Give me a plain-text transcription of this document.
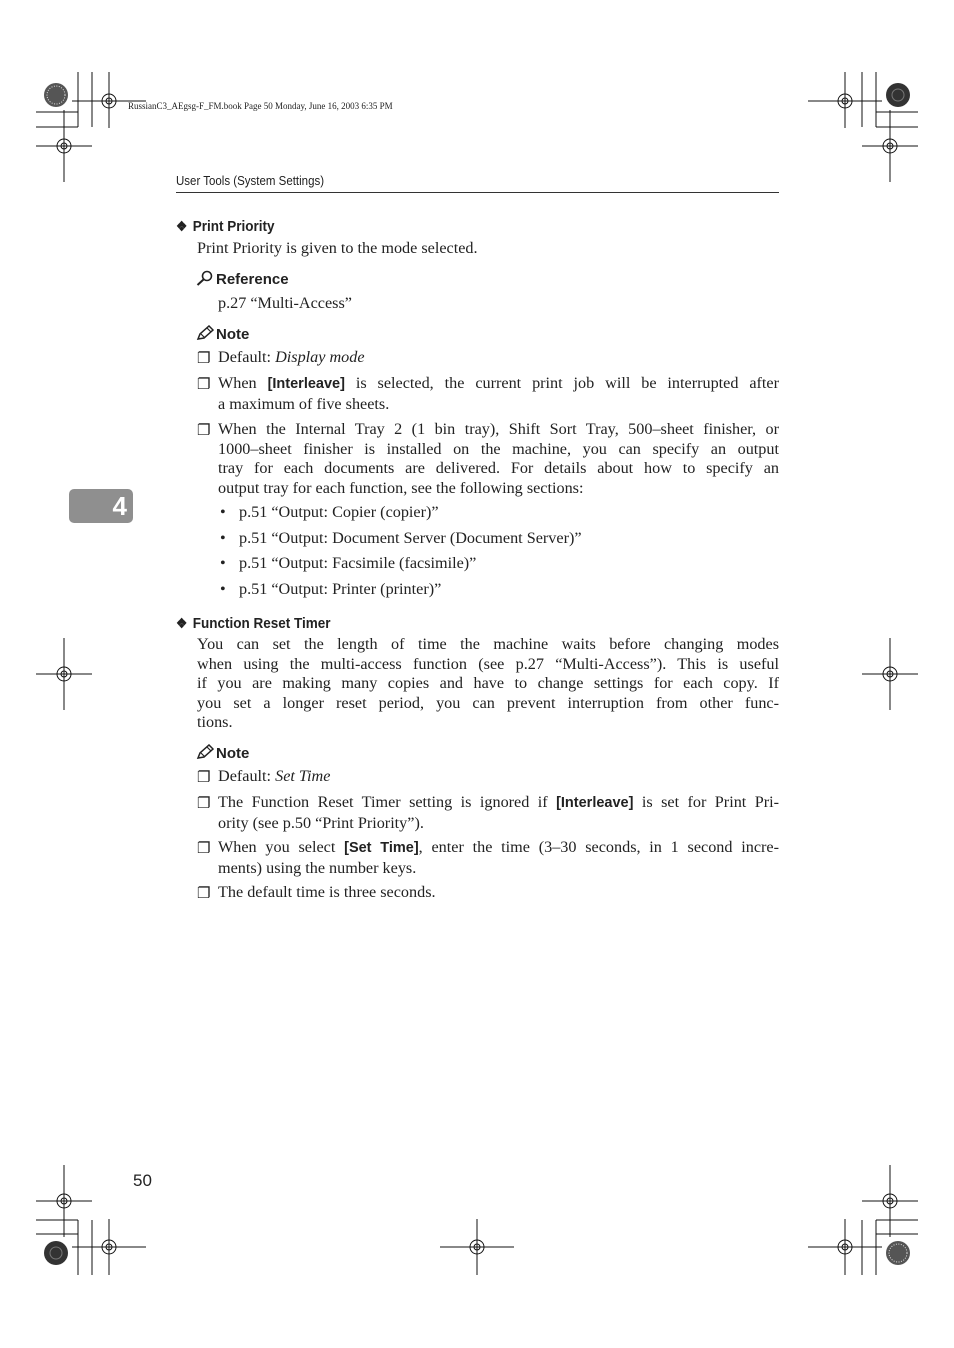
RussianC3_AEgsg-F_FM.book Page 50 Monday, June 16, 2003 6:35 PM
User Tools (System Settings)
4
❖ Print Priority
Print Priority is given to the mode selected.
Reference
p.27 “Multi-Access”
Note
❐ Default: Display mode
❐ When [Interleave] is selected, the current print job will be interrupted after
a maximum of five sheets.
❐ When the Internal Tray 2 (1 bin tray), Shift Sort Tray, 500–sheet finisher, or
1000–sheet finisher is installed on the machine, you can specify an output
tray for each documents are delivered. For details about how to specify an
output tray for each function, see the following sections:
• p.51 “Output: Copier (copier)”
• p.51 “Output: Document Server (Document Server)”
• p.51 “Output: Facsimile (facsimile)”
• p.51 “Output: Printer (printer)”
❖ Function Reset Timer
You can set the length of time the machine waits before changing modes
when using the multi-access function (see p.27 “Multi-Access”). This is useful
if you are making many copies and have to change settings for each copy. If
you set a longer reset period, you can prevent interruption from other func-
tions.
Note
❐ Default: Set Time
❐ The Function Reset Timer setting is ignored if [Interleave] is set for Print Pri-
ority (see p.50 “Print Priority”).
❐ When you select [Set Time], enter the time (3–30 seconds, in 1 second incre-
ments) using the number keys.
❐ The default time is three seconds.
50
